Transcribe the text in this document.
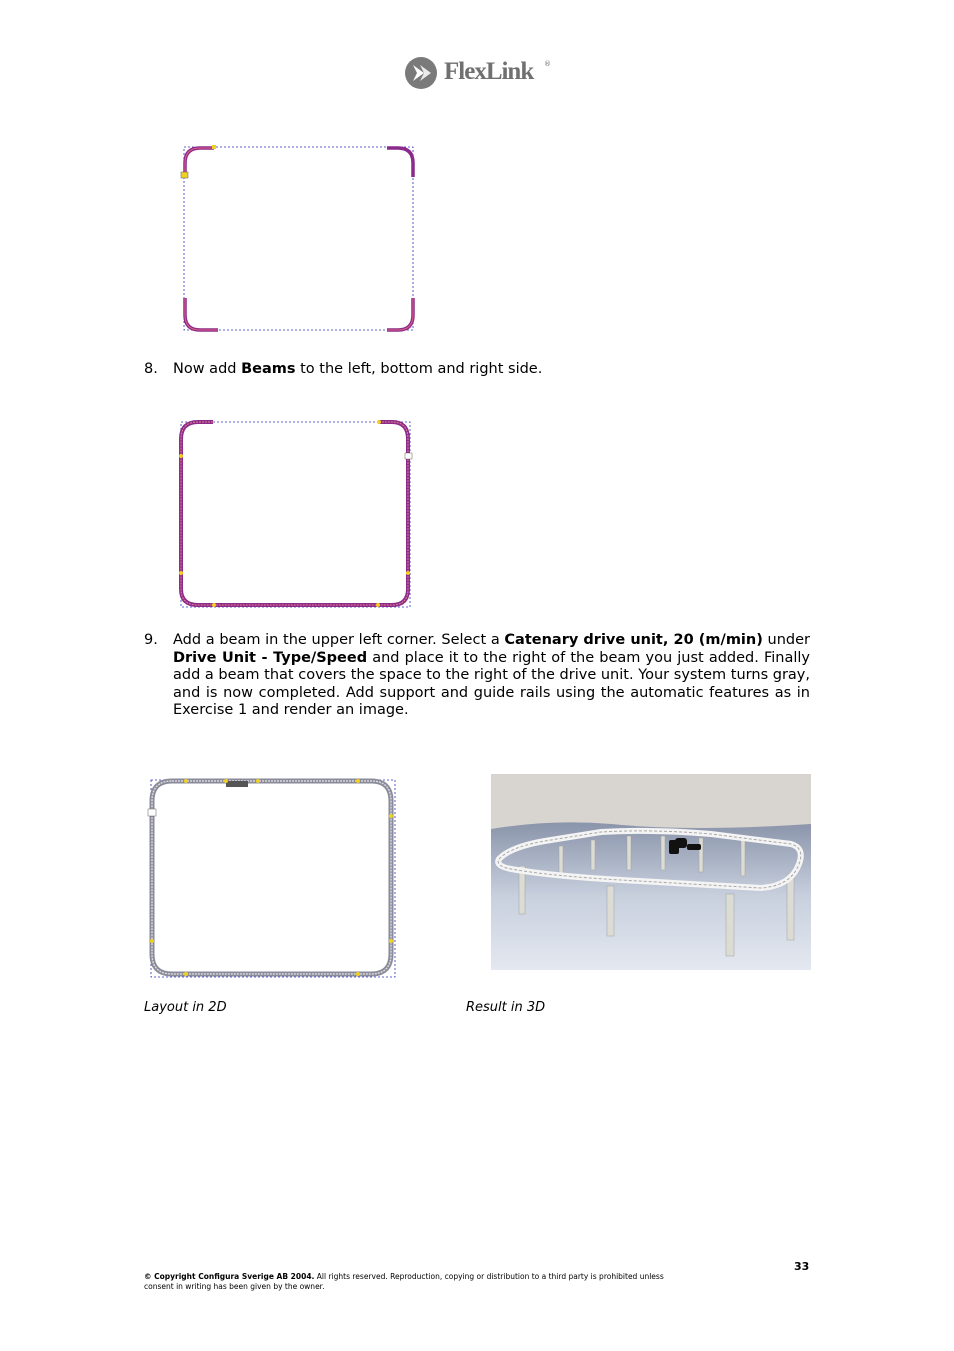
FlexLink ®
8. Now add Beams to the left, bottom and right side.
9. Add a beam in the upper left corner. Select a Catenary drive unit, 20 (m/min) under Drive Unit - Type/Speed and place it to the right of the beam you just added. Finally add a beam that covers the space to the right of the drive unit. Your system turns gray, and is now completed. Add support and guide rails using the automatic features as in Exercise 1 and render an image.
Layout in 2D	Result in 3D
33
© Copyright Configura Sverige AB 2004. All rights reserved. Reproduction, copying or distribution to a third party is prohibited unless
consent in writing has been given by the owner.
